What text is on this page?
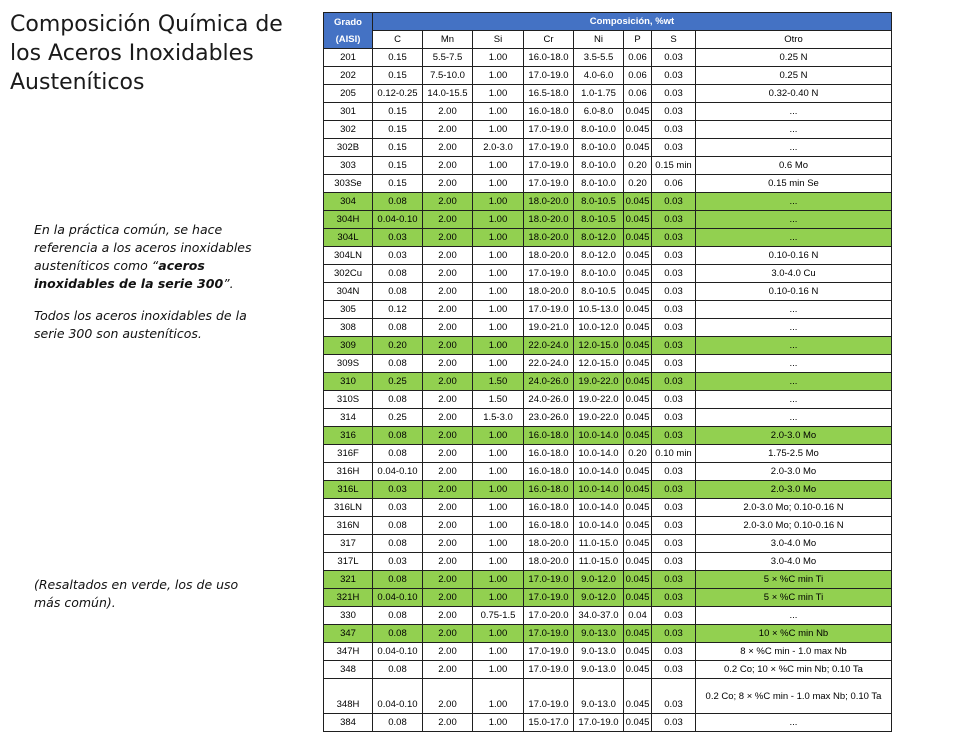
Composición Química de los Aceros Inoxidables Austeníticos

En la práctica común, se hace referencia a los aceros inoxidables austeníticos como “aceros inoxidables de la serie 300”.

Todos los aceros inoxidables de la serie 300 son austeníticos.

(Resaltados en verde, los de uso más común).
Grado
(AISI)	Composición, %wt							
	C	Mn	Si	Cr	Ni	P	S	Otro
201	0.15	5.5-7.5	1.00	16.0-18.0	3.5-5.5	0.06	0.03	0.25 N
202	0.15	7.5-10.0	1.00	17.0-19.0	4.0-6.0	0.06	0.03	0.25 N
205	0.12-0.25	14.0-15.5	1.00	16.5-18.0	1.0-1.75	0.06	0.03	0.32-0.40 N
301	0.15	2.00	1.00	16.0-18.0	6.0-8.0	0.045	0.03	...
302	0.15	2.00	1.00	17.0-19.0	8.0-10.0	0.045	0.03	...
302B	0.15	2.00	2.0-3.0	17.0-19.0	8.0-10.0	0.045	0.03	...
303	0.15	2.00	1.00	17.0-19.0	8.0-10.0	0.20	0.15 min	0.6 Mo
303Se	0.15	2.00	1.00	17.0-19.0	8.0-10.0	0.20	0.06	0.15 min Se
304	0.08	2.00	1.00	18.0-20.0	8.0-10.5	0.045	0.03	...
304H	0.04-0.10	2.00	1.00	18.0-20.0	8.0-10.5	0.045	0.03	...
304L	0.03	2.00	1.00	18.0-20.0	8.0-12.0	0.045	0.03	...
304LN	0.03	2.00	1.00	18.0-20.0	8.0-12.0	0.045	0.03	0.10-0.16 N
302Cu	0.08	2.00	1.00	17.0-19.0	8.0-10.0	0.045	0.03	3.0-4.0 Cu
304N	0.08	2.00	1.00	18.0-20.0	8.0-10.5	0.045	0.03	0.10-0.16 N
305	0.12	2.00	1.00	17.0-19.0	10.5-13.0	0.045	0.03	...
308	0.08	2.00	1.00	19.0-21.0	10.0-12.0	0.045	0.03	...
309	0.20	2.00	1.00	22.0-24.0	12.0-15.0	0.045	0.03	...
309S	0.08	2.00	1.00	22.0-24.0	12.0-15.0	0.045	0.03	...
310	0.25	2.00	1.50	24.0-26.0	19.0-22.0	0.045	0.03	...
310S	0.08	2.00	1.50	24.0-26.0	19.0-22.0	0.045	0.03	...
314	0.25	2.00	1.5-3.0	23.0-26.0	19.0-22.0	0.045	0.03	...
316	0.08	2.00	1.00	16.0-18.0	10.0-14.0	0.045	0.03	2.0-3.0 Mo
316F	0.08	2.00	1.00	16.0-18.0	10.0-14.0	0.20	0.10 min	1.75-2.5 Mo
316H	0.04-0.10	2.00	1.00	16.0-18.0	10.0-14.0	0.045	0.03	2.0-3.0 Mo
316L	0.03	2.00	1.00	16.0-18.0	10.0-14.0	0.045	0.03	2.0-3.0 Mo
316LN	0.03	2.00	1.00	16.0-18.0	10.0-14.0	0.045	0.03	2.0-3.0 Mo; 0.10-0.16 N
316N	0.08	2.00	1.00	16.0-18.0	10.0-14.0	0.045	0.03	2.0-3.0 Mo; 0.10-0.16 N
317	0.08	2.00	1.00	18.0-20.0	11.0-15.0	0.045	0.03	3.0-4.0 Mo
317L	0.03	2.00	1.00	18.0-20.0	11.0-15.0	0.045	0.03	3.0-4.0 Mo
321	0.08	2.00	1.00	17.0-19.0	9.0-12.0	0.045	0.03	5 × %C min Ti
321H	0.04-0.10	2.00	1.00	17.0-19.0	9.0-12.0	0.045	0.03	5 × %C min Ti
330	0.08	2.00	0.75-1.5	17.0-20.0	34.0-37.0	0.04	0.03	...
347	0.08	2.00	1.00	17.0-19.0	9.0-13.0	0.045	0.03	10 × %C min Nb
347H	0.04-0.10	2.00	1.00	17.0-19.0	9.0-13.0	0.045	0.03	8 × %C min - 1.0 max Nb
348	0.08	2.00	1.00	17.0-19.0	9.0-13.0	0.045	0.03	0.2 Co; 10 × %C min Nb; 0.10 Ta
348H	0.04-0.10	2.00	1.00	17.0-19.0	9.0-13.0	0.045	0.03	0.2 Co; 8 × %C min - 1.0 max Nb; 0.10 Ta
384	0.08	2.00	1.00	15.0-17.0	17.0-19.0	0.045	0.03	...
